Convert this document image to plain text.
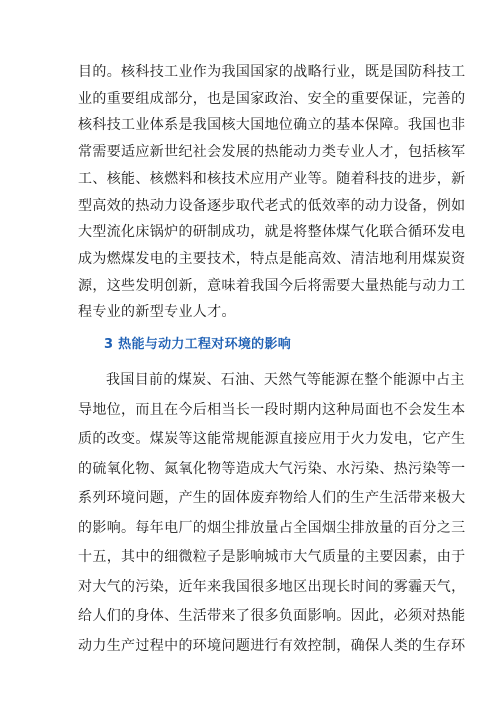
目的。核科技工业作为我国国家的战略行业，既是国防科技工
业的重要组成部分，也是国家政治、安全的重要保证，完善的
核科技工业体系是我国核大国地位确立的基本保障。我国也非
常需要适应新世纪社会发展的热能动力类专业人才，包括核军
工、核能、核燃料和核技术应用产业等。随着科技的进步，新
型高效的热动力设备逐步取代老式的低效率的动力设备，例如
大型流化床锅炉的研制成功，就是将整体煤气化联合循环发电
成为燃煤发电的主要技术，特点是能高效、清洁地利用煤炭资
源，这些发明创新，意味着我国今后将需要大量热能与动力工
程专业的新型专业人才。
3 热能与动力工程对环境的影响
我国目前的煤炭、石油、天然气等能源在整个能源中占主
导地位，而且在今后相当长一段时期内这种局面也不会发生本
质的改变。煤炭等这能常规能源直接应用于火力发电，它产生
的硫氧化物、氮氧化物等造成大气污染、水污染、热污染等一
系列环境问题，产生的固体废弃物给人们的生产生活带来极大
的影响。每年电厂的烟尘排放量占全国烟尘排放量的百分之三
十五，其中的细微粒子是影响城市大气质量的主要因素，由于
对大气的污染，近年来我国很多地区出现长时间的雾霾天气，
给人们的身体、生活带来了很多负面影响。因此，必须对热能
动力生产过程中的环境问题进行有效控制，确保人类的生存环
